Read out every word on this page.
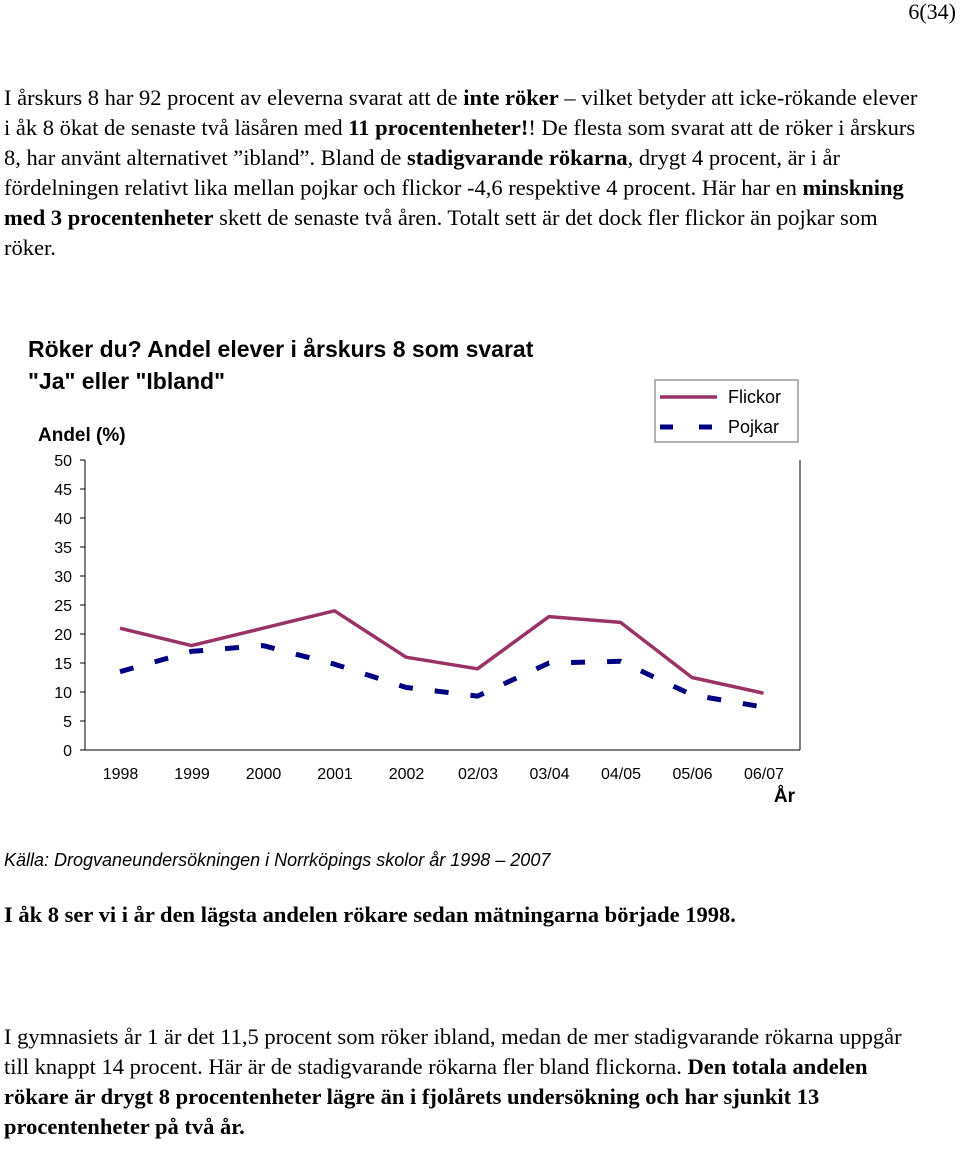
6(34)

I årskurs 8 har 92 procent av eleverna svarat att de inte röker – vilket betyder att icke-rökande elever i åk 8 ökat de senaste två läsåren med 11 procentenheter!! De flesta som svarat att de röker i årskurs 8, har använt alternativet ”ibland”. Bland de stadigvarande rökarna, drygt 4 procent, är i år fördelningen relativt lika mellan pojkar och flickor -4,6 respektive 4 procent. Här har en minskning med 3 procentenheter skett de senaste två åren. Totalt sett är det dock fler flickor än pojkar som röker.

Röker du? Andel elever i årskurs 8 som svarat
"Ja" eller "Ibland"
0
5
10
15
20
25
30
35
40
45
50
Andel (%)
1998 1999 2000 2001 2002 02/03 03/04 04/05 05/06 06/07
År
Flickor
Pojkar

Källa: Drogvaneundersökningen i Norrköpings skolor år 1998 – 2007

I åk 8 ser vi i år den lägsta andelen rökare sedan mätningarna började 1998.

I gymnasiets år 1 är det 11,5 procent som röker ibland, medan de mer stadigvarande rökarna uppgår till knappt 14 procent. Här är de stadigvarande rökarna fler bland flickorna. Den totala andelen rökare är drygt 8 procentenheter lägre än i fjolårets undersökning och har sjunkit 13 procentenheter på två år.
